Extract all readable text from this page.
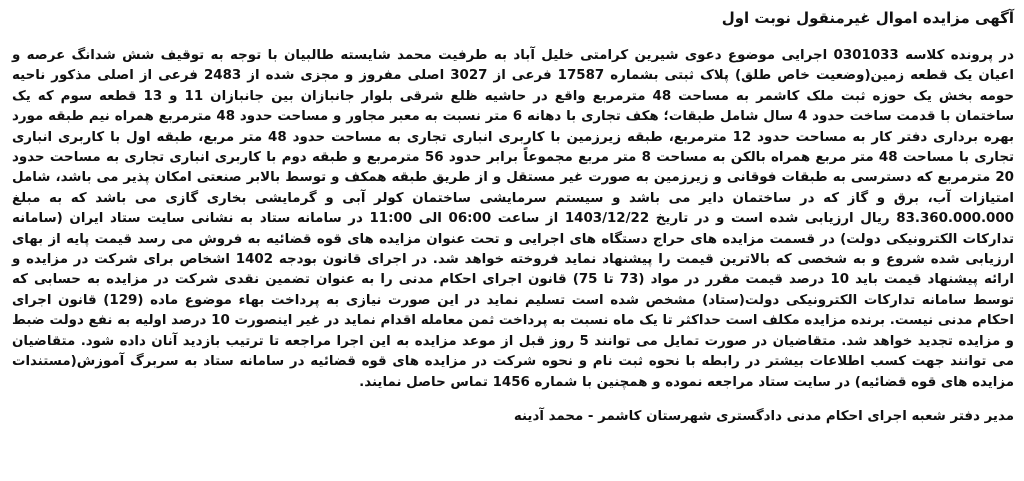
آگهی مزایده اموال غیرمنقول نوبت اول

در پرونده کلاسه 0301033 اجرایی موضوع دعوی شیرین کرامتی خلیل آباد به طرفیت محمد شایسته طالبیان با توجه به توقیف شش شدانگ عرصه و اعیان یک قطعه زمین(وضعیت خاص طلق) پلاک ثبتی بشماره 17587 فرعی از 3027 اصلی مفروز و مجزی شده از 2483 فرعی از اصلی مذکور ناحیه حومه بخش یک حوزه ثبت ملک کاشمر به مساحت 48 مترمربع واقع در حاشیه ظلع شرقی بلوار جانبازان بین جانبازان 11 و 13 قطعه سوم که یک ساختمان با قدمت ساخت حدود 4 سال شامل طبقات؛ هکف تجاری با دهانه 6 متر نسبت به معبر مجاور و مساحت حدود 48 مترمربع همراه نیم طبقه مورد بهره برداری دفتر کار به مساحت حدود 12 مترمربع، طبقه زیرزمین با کاربری انباری تجاری به مساحت حدود 48 متر مربع، طبقه اول با کاربری انباری تجاری با مساحت 48 متر مربع همراه بالکن به مساحت 8 متر مربع مجموعاً برابر حدود 56 مترمربع و طبقه دوم با کاربری انباری تجاری به مساحت حدود 20 مترمربع که دسترسی به طبقات فوقانی و زیرزمین به صورت غیر مستقل و از طریق طبقه همکف و توسط بالابر صنعتی امکان پذیر می باشد، شامل امتیازات آب، برق و گاز که در ساختمان دایر می باشد و سیستم سرمایشی ساختمان کولر آبی و گرمایشی بخاری گازی می باشد که به مبلغ 83.360.000.000 ریال ارزیابی شده است و در تاریخ 1403/12/22 از ساعت 06:00 الی 11:00 در سامانه ستاد به نشانی سایت ستاد ایران (سامانه تدارکات الکترونیکی دولت) در قسمت مزایده های حراج دستگاه های اجرایی و تحت عنوان مزایده های قوه قضائیه به فروش می رسد قیمت پایه از بهای ارزیابی شده شروع و به شخصی که بالاترین قیمت را پیشنهاد نماید فروخته خواهد شد. در اجرای قانون بودجه 1402 اشخاص برای شرکت در مزایده و ارائه پیشنهاد قیمت باید 10 درصد قیمت مقرر در مواد (73 تا 75) قانون اجرای احکام مدنی را به عنوان تضمین نقدی شرکت در مزایده به حسابی که توسط سامانه تدارکات الکترونیکی دولت(ستاد) مشخص شده است تسلیم نماید در این صورت نیازی به پرداخت بهاء موضوع ماده (129) قانون اجرای احکام مدنی نیست. برنده مزایده مکلف است حداکثر تا یک ماه نسبت به پرداخت ثمن معامله اقدام نماید در غیر اینصورت 10 درصد اولیه به نفع دولت ضبط و مزایده تجدید خواهد شد. متقاضیان در صورت تمایل می توانند 5 روز قبل از موعد مزایده به این اجرا مراجعه تا ترتیب بازدید آنان داده شود. متقاضیان می توانند جهت کسب اطلاعات بیشتر در رابطه با نحوه ثبت نام و نحوه شرکت در مزایده های قوه قضائیه در سامانه ستاد به سربرگ آموزش(مستندات مزایده های قوه قضائیه) در سایت ستاد مراجعه نموده و همچنین با شماره 1456 تماس حاصل نمایند.

مدیر دفتر شعبه اجرای احکام مدنی دادگستری شهرستان کاشمر - محمد آدینه
